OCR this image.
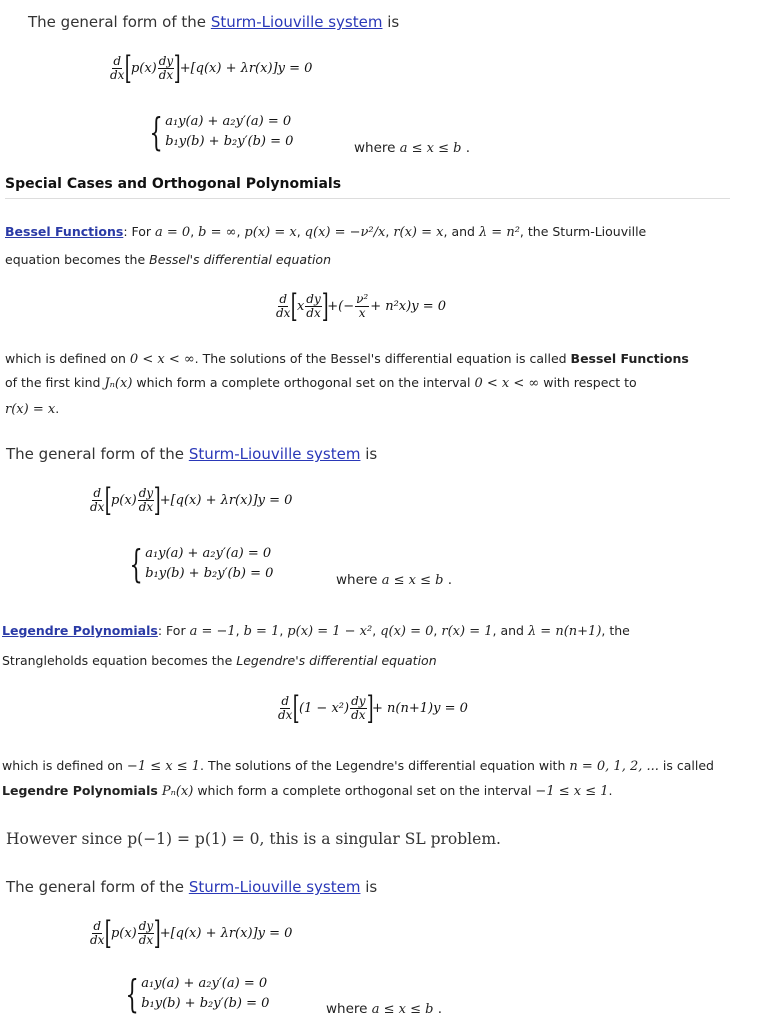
The general form of the Sturm-Liouville system is
$\frac{d}{dx}$ [
$p(x) \frac{dy}{dx}$ ]
+[q(x) + λr(x)]y = 0
{ a₁y(a) + a₂y′(a) = 0
b₁y(b) + b₂y′(b) = 0	where a ≤ x ≤ b .
Special Cases and Orthogonal Polynomials
Bessel Functions: For a = 0, b = ∞, p(x) = x, q(x) = −ν²/x, r(x) = x, and λ = n², the Sturm-Liouville
equation becomes the Bessel's differential equation
$\frac{d}{dx}$ [
x $\frac{dy}{dx}$ ]
+(− $\frac{\text{ν²}}{x} + n^2x)y = 0$
which is defined on 0 < x < ∞. The solutions of the Bessel's differential equation is called Bessel Functions
of the first kind Jₙ(x) which form a complete orthogonal set on the interval 0 < x < ∞ with respect to
r(x) = x.
The general form of the Sturm-Liouville system is
$\frac{d}{dx}$ [
$p(x) \frac{dy}{dx}$ ]
+[q(x) + λr(x)]y = 0
{ a₁y(a) + a₂y′(a) = 0
b₁y(b) + b₂y′(b) = 0	where a ≤ x ≤ b .
Legendre Polynomials: For a = −1, b = 1, p(x) = 1 − x², q(x) = 0, r(x) = 1, and λ = n(n+1), the
Strangleholds equation becomes the Legendre's differential equation
$\frac{d}{dx}$ [
$(1 - x^2) \frac{dy}{dx}$ ]
+ n(n+1)y = 0
which is defined on −1 ≤ x ≤ 1. The solutions of the Legendre's differential equation with n = 0, 1, 2, ... is called
Legendre Polynomials Pₙ(x) which form a complete orthogonal set on the interval −1 ≤ x ≤ 1.
However since p(−1) = p(1) = 0, this is a singular SL problem.
The general form of the Sturm-Liouville system is
$\frac{d}{dx}$ [
$p(x) \frac{dy}{dx}$ ]
+[q(x) + λr(x)]y = 0
{ a₁y(a) + a₂y′(a) = 0
b₁y(b) + b₂y′(b) = 0	where a ≤ x ≤ b .
